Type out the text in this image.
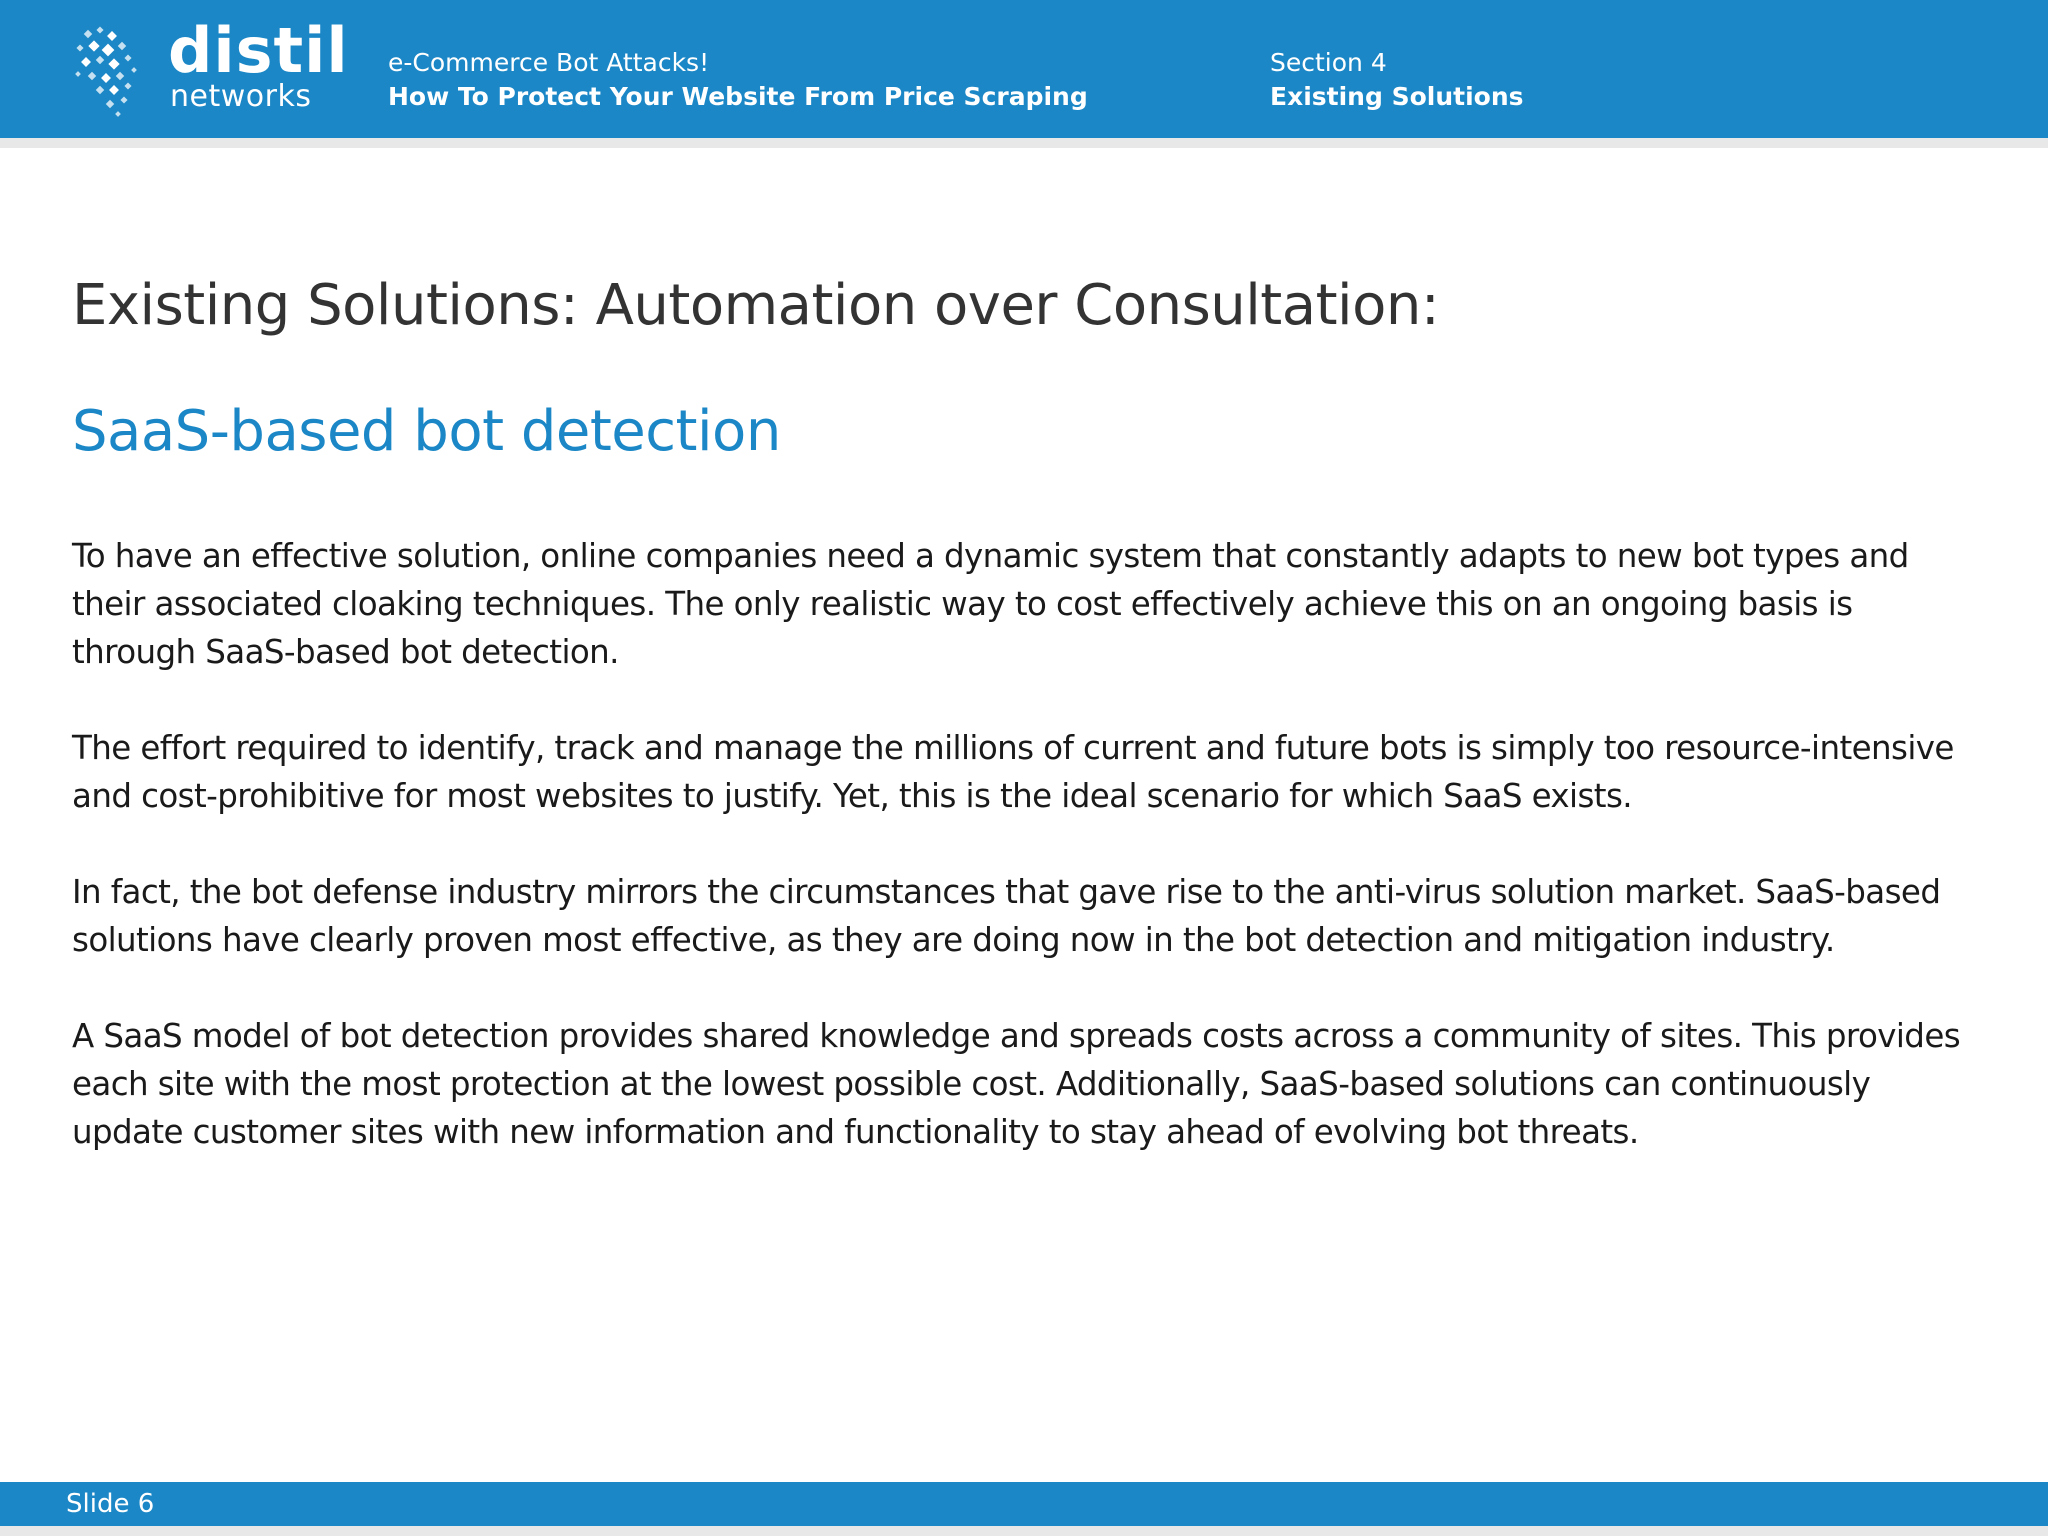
distil
networks
e-Commerce Bot Attacks!
How To Protect Your Website From Price Scraping
Section 4
Existing Solutions
Existing Solutions: Automation over Consultation:
SaaS-based bot detection

To have an effective solution, online companies need a dynamic system that constantly adapts to new bot types and their associated cloaking techniques. The only realistic way to cost effectively achieve this on an ongoing basis is through SaaS-based bot detection.

The effort required to identify, track and manage the millions of current and future bots is simply too resource-intensive and cost-prohibitive for most websites to justify. Yet, this is the ideal scenario for which SaaS exists.

In fact, the bot defense industry mirrors the circumstances that gave rise to the anti-virus solution market. SaaS-based solutions have clearly proven most effective, as they are doing now in the bot detection and mitigation industry.

A SaaS model of bot detection provides shared knowledge and spreads costs across a community of sites. This provides each site with the most protection at the lowest possible cost. Additionally, SaaS-based solutions can continuously update customer sites with new information and functionality to stay ahead of evolving bot threats.

Slide 6
